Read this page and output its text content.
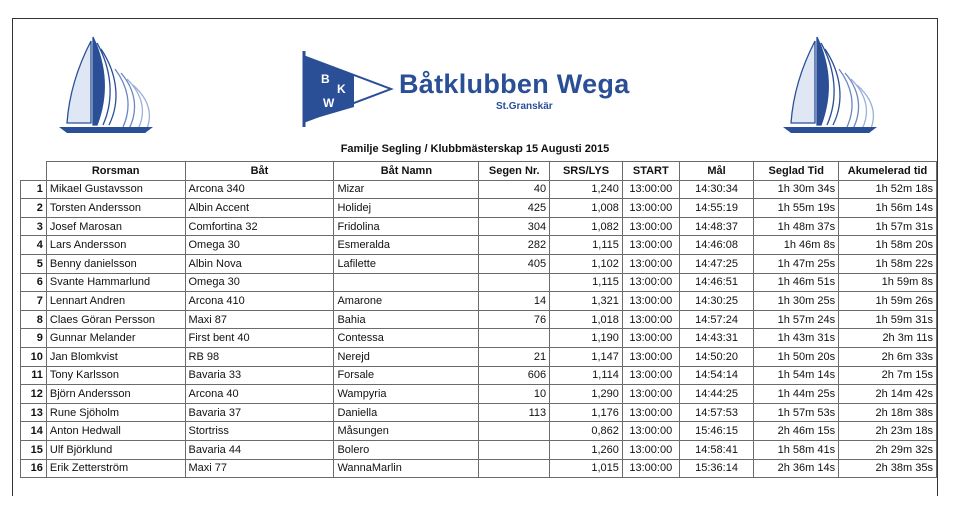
B
K
W
Båtklubben Wega
St.Granskär
Familje Segling / Klubbmästerskap 15 Augusti 2015
	Rorsman	Båt	Båt Namn	Segen Nr.	SRS/LYS	START	Mål	Seglad Tid	Akumelerad tid
1	Mikael Gustavsson	Arcona 340	Mizar	40	1,240	13:00:00	14:30:34	1h 30m 34s	1h 52m 18s
2	Torsten Andersson	Albin Accent	Holidej	425	1,008	13:00:00	14:55:19	1h 55m 19s	1h 56m 14s
3	Josef Marosan	Comfortina 32	Fridolina	304	1,082	13:00:00	14:48:37	1h 48m 37s	1h 57m 31s
4	Lars Andersson	Omega 30	Esmeralda	282	1,115	13:00:00	14:46:08	1h 46m 8s	1h 58m 20s
5	Benny danielsson	Albin Nova	Lafilette	405	1,102	13:00:00	14:47:25	1h 47m 25s	1h 58m 22s
6	Svante Hammarlund	Omega 30			1,115	13:00:00	14:46:51	1h 46m 51s	1h 59m 8s
7	Lennart Andren	Arcona 410	Amarone	14	1,321	13:00:00	14:30:25	1h 30m 25s	1h 59m 26s
8	Claes Göran Persson	Maxi 87	Bahia	76	1,018	13:00:00	14:57:24	1h 57m 24s	1h 59m 31s
9	Gunnar Melander	First bent 40	Contessa		1,190	13:00:00	14:43:31	1h 43m 31s	2h 3m 11s
10	Jan Blomkvist	RB 98	Nerejd	21	1,147	13:00:00	14:50:20	1h 50m 20s	2h 6m 33s
11	Tony Karlsson	Bavaria 33	Forsale	606	1,114	13:00:00	14:54:14	1h 54m 14s	2h 7m 15s
12	Björn Andersson	Arcona 40	Wampyria	10	1,290	13:00:00	14:44:25	1h 44m 25s	2h 14m 42s
13	Rune Sjöholm	Bavaria 37	Daniella	113	1,176	13:00:00	14:57:53	1h 57m 53s	2h 18m 38s
14	Anton Hedwall	Stortriss	Måsungen		0,862	13:00:00	15:46:15	2h 46m 15s	2h 23m 18s
15	Ulf Björklund	Bavaria 44	Bolero		1,260	13:00:00	14:58:41	1h 58m 41s	2h 29m 32s
16	Erik Zetterström	Maxi 77	WannaMarlin		1,015	13:00:00	15:36:14	2h 36m 14s	2h 38m 35s
